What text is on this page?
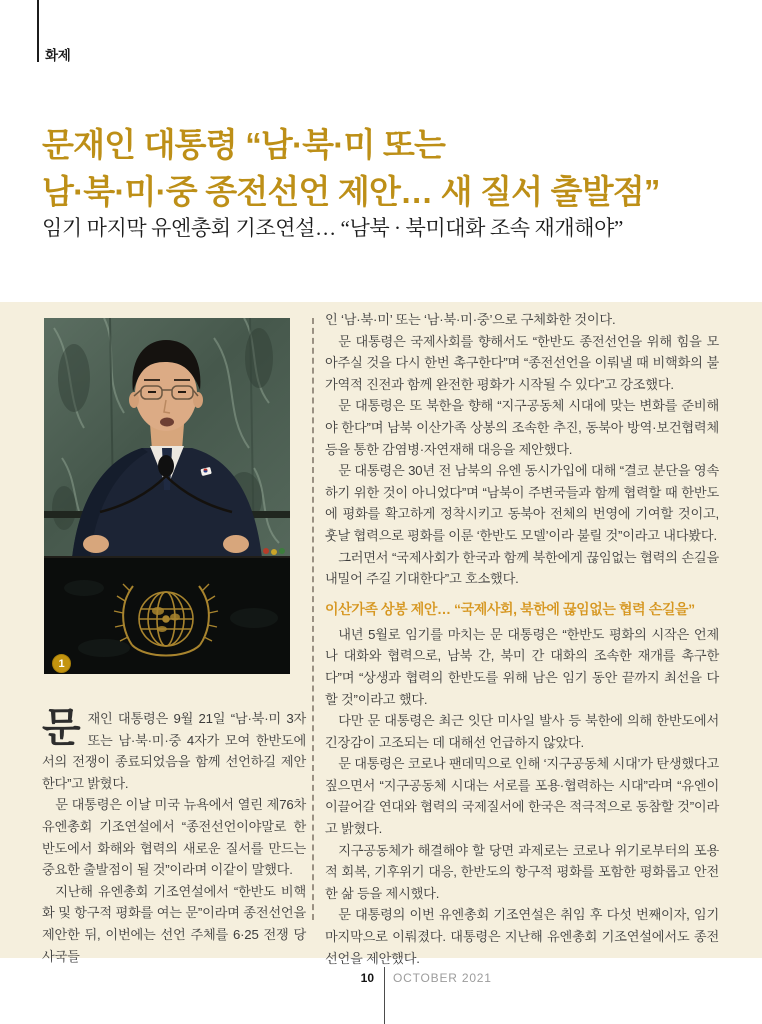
화제
문재인 대통령 “남·북·미 또는
남·북·미·중 종전선언 제안… 새 질서 출발점”

임기 마지막 유엔총회 기조연설… “남북 · 북미대화 조속 재개해야”

1

문재인 대통령은 9월 21일 “남·북·미 3자 또는 남·북·미·중 4자가 모여 한반도에서의 전쟁이 종료되었음을 함께 선언하길 제안한다”고 밝혔다.

문 대통령은 이날 미국 뉴욕에서 열린 제76차 유엔총회 기조연설에서 “종전선언이야말로 한반도에서 화해와 협력의 새로운 질서를 만드는 중요한 출발점이 될 것”이라며 이같이 말했다.

지난해 유엔총회 기조연설에서 “한반도 비핵화 및 항구적 평화를 여는 문”이라며 종전선언을 제안한 뒤, 이번에는 선언 주체를 6·25 전쟁 당사국들

인 ‘남·북·미’ 또는 ‘남·북·미·중’으로 구체화한 것이다.

문 대통령은 국제사회를 향해서도 “한반도 종전선언을 위해 힘을 모아주실 것을 다시 한번 촉구한다”며 “종전선언을 이뤄낼 때 비핵화의 불가역적 진전과 함께 완전한 평화가 시작될 수 있다”고 강조했다.

문 대통령은 또 북한을 향해 “지구공동체 시대에 맞는 변화를 준비해야 한다”며 남북 이산가족 상봉의 조속한 추진, 동북아 방역·보건협력체 등을 통한 감염병·자연재해 대응을 제안했다.

문 대통령은 30년 전 남북의 유엔 동시가입에 대해 “결코 분단을 영속하기 위한 것이 아니었다”며 “남북이 주변국들과 함께 협력할 때 한반도에 평화를 확고하게 정착시키고 동북아 전체의 번영에 기여할 것이고, 훗날 협력으로 평화를 이룬 ‘한반도 모델’이라 불릴 것”이라고 내다봤다.

그러면서 “국제사회가 한국과 함께 북한에게 끊임없는 협력의 손길을 내밀어 주길 기대한다”고 호소했다.

이산가족 상봉 제안… “국제사회, 북한에 끊임없는 협력 손길을”

내년 5월로 임기를 마치는 문 대통령은 “한반도 평화의 시작은 언제나 대화와 협력으로, 남북 간, 북미 간 대화의 조속한 재개를 촉구한다”며 “상생과 협력의 한반도를 위해 남은 임기 동안 끝까지 최선을 다할 것”이라고 했다.

다만 문 대통령은 최근 잇단 미사일 발사 등 북한에 의해 한반도에서 긴장감이 고조되는 데 대해선 언급하지 않았다.

문 대통령은 코로나 팬데믹으로 인해 ‘지구공동체 시대’가 탄생했다고 짚으면서 “지구공동체 시대는 서로를 포용·협력하는 시대”라며 “유엔이 이끌어갈 연대와 협력의 국제질서에 한국은 적극적으로 동참할 것”이라고 밝혔다.

지구공동체가 해결해야 할 당면 과제로는 코로나 위기로부터의 포용적 회복, 기후위기 대응, 한반도의 항구적 평화를 포함한 평화롭고 안전한 삶 등을 제시했다.

문 대통령의 이번 유엔총회 기조연설은 취임 후 다섯 번째이자, 임기 마지막으로 이뤄졌다. 대통령은 지난해 유엔총회 기조연설에서도 종전선언을 제안했다.

10 OCTOBER 2021
